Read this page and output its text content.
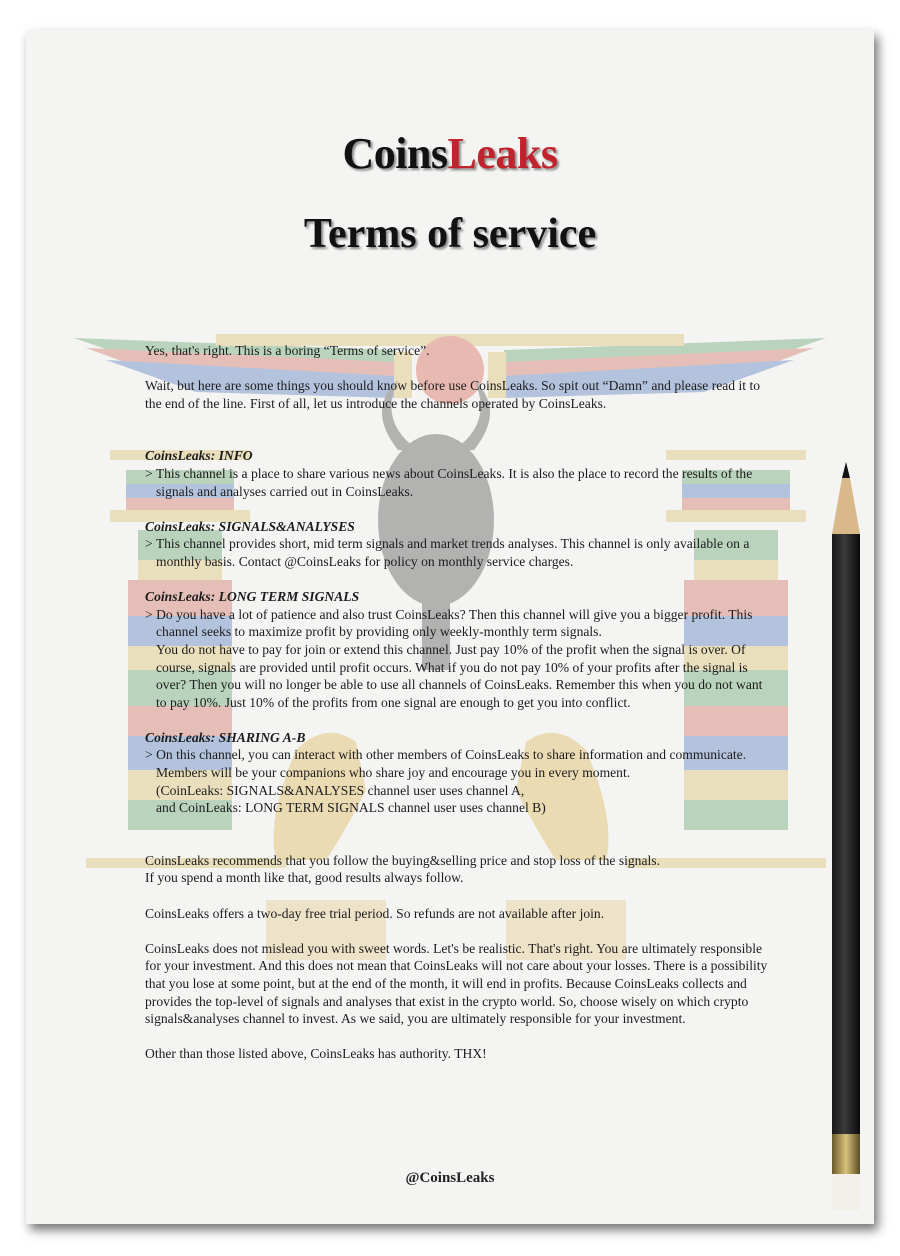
CoinsLeaks
Terms of service

Yes, that's right. This is a boring “Terms of service”.

Wait, but here are some things you should know before use CoinsLeaks. So spit out “Damn” and please read it to the end of the line. First of all, let us introduce the channels operated by CoinsLeaks.

CoinsLeaks: INFO

> This channel is a place to share various news about CoinsLeaks. It is also the place to record the results of the signals and analyses carried out in CoinsLeaks.

CoinsLeaks: SIGNALS&ANALYSES

> This channel provides short, mid term signals and market trends analyses. This channel is only available on a monthly basis. Contact @CoinsLeaks for policy on monthly service charges.

CoinsLeaks: LONG TERM SIGNALS

> Do you have a lot of patience and also trust CoinsLeaks? Then this channel will give you a bigger profit. This channel seeks to maximize profit by providing only weekly-monthly term signals.

You do not have to pay for join or extend this channel. Just pay 10% of the profit when the signal is over. Of course, signals are provided until profit occurs. What if you do not pay 10% of your profits after the signal is over? Then you will no longer be able to use all channels of CoinsLeaks. Remember this when you do not want to pay 10%. Just 10% of the profits from one signal are enough to get you into conflict.

CoinsLeaks: SHARING A-B

> On this channel, you can interact with other members of CoinsLeaks to share information and communicate. Members will be your companions who share joy and encourage you in every moment.

(CoinLeaks: SIGNALS&ANALYSES channel user uses channel A,

and CoinLeaks: LONG TERM SIGNALS channel user uses channel B)

CoinsLeaks recommends that you follow the buying&selling price and stop loss of the signals.

If you spend a month like that, good results always follow.

CoinsLeaks offers a two-day free trial period. So refunds are not available after join.

CoinsLeaks does not mislead you with sweet words. Let's be realistic. That's right. You are ultimately responsible for your investment. And this does not mean that CoinsLeaks will not care about your losses. There is a possibility that you lose at some point, but at the end of the month, it will end in profits. Because CoinsLeaks collects and provides the top-level of signals and analyses that exist in the crypto world. So, choose wisely on which crypto signals&analyses channel to invest. As we said, you are ultimately responsible for your investment.

Other than those listed above, CoinsLeaks has authority. THX!

@CoinsLeaks
